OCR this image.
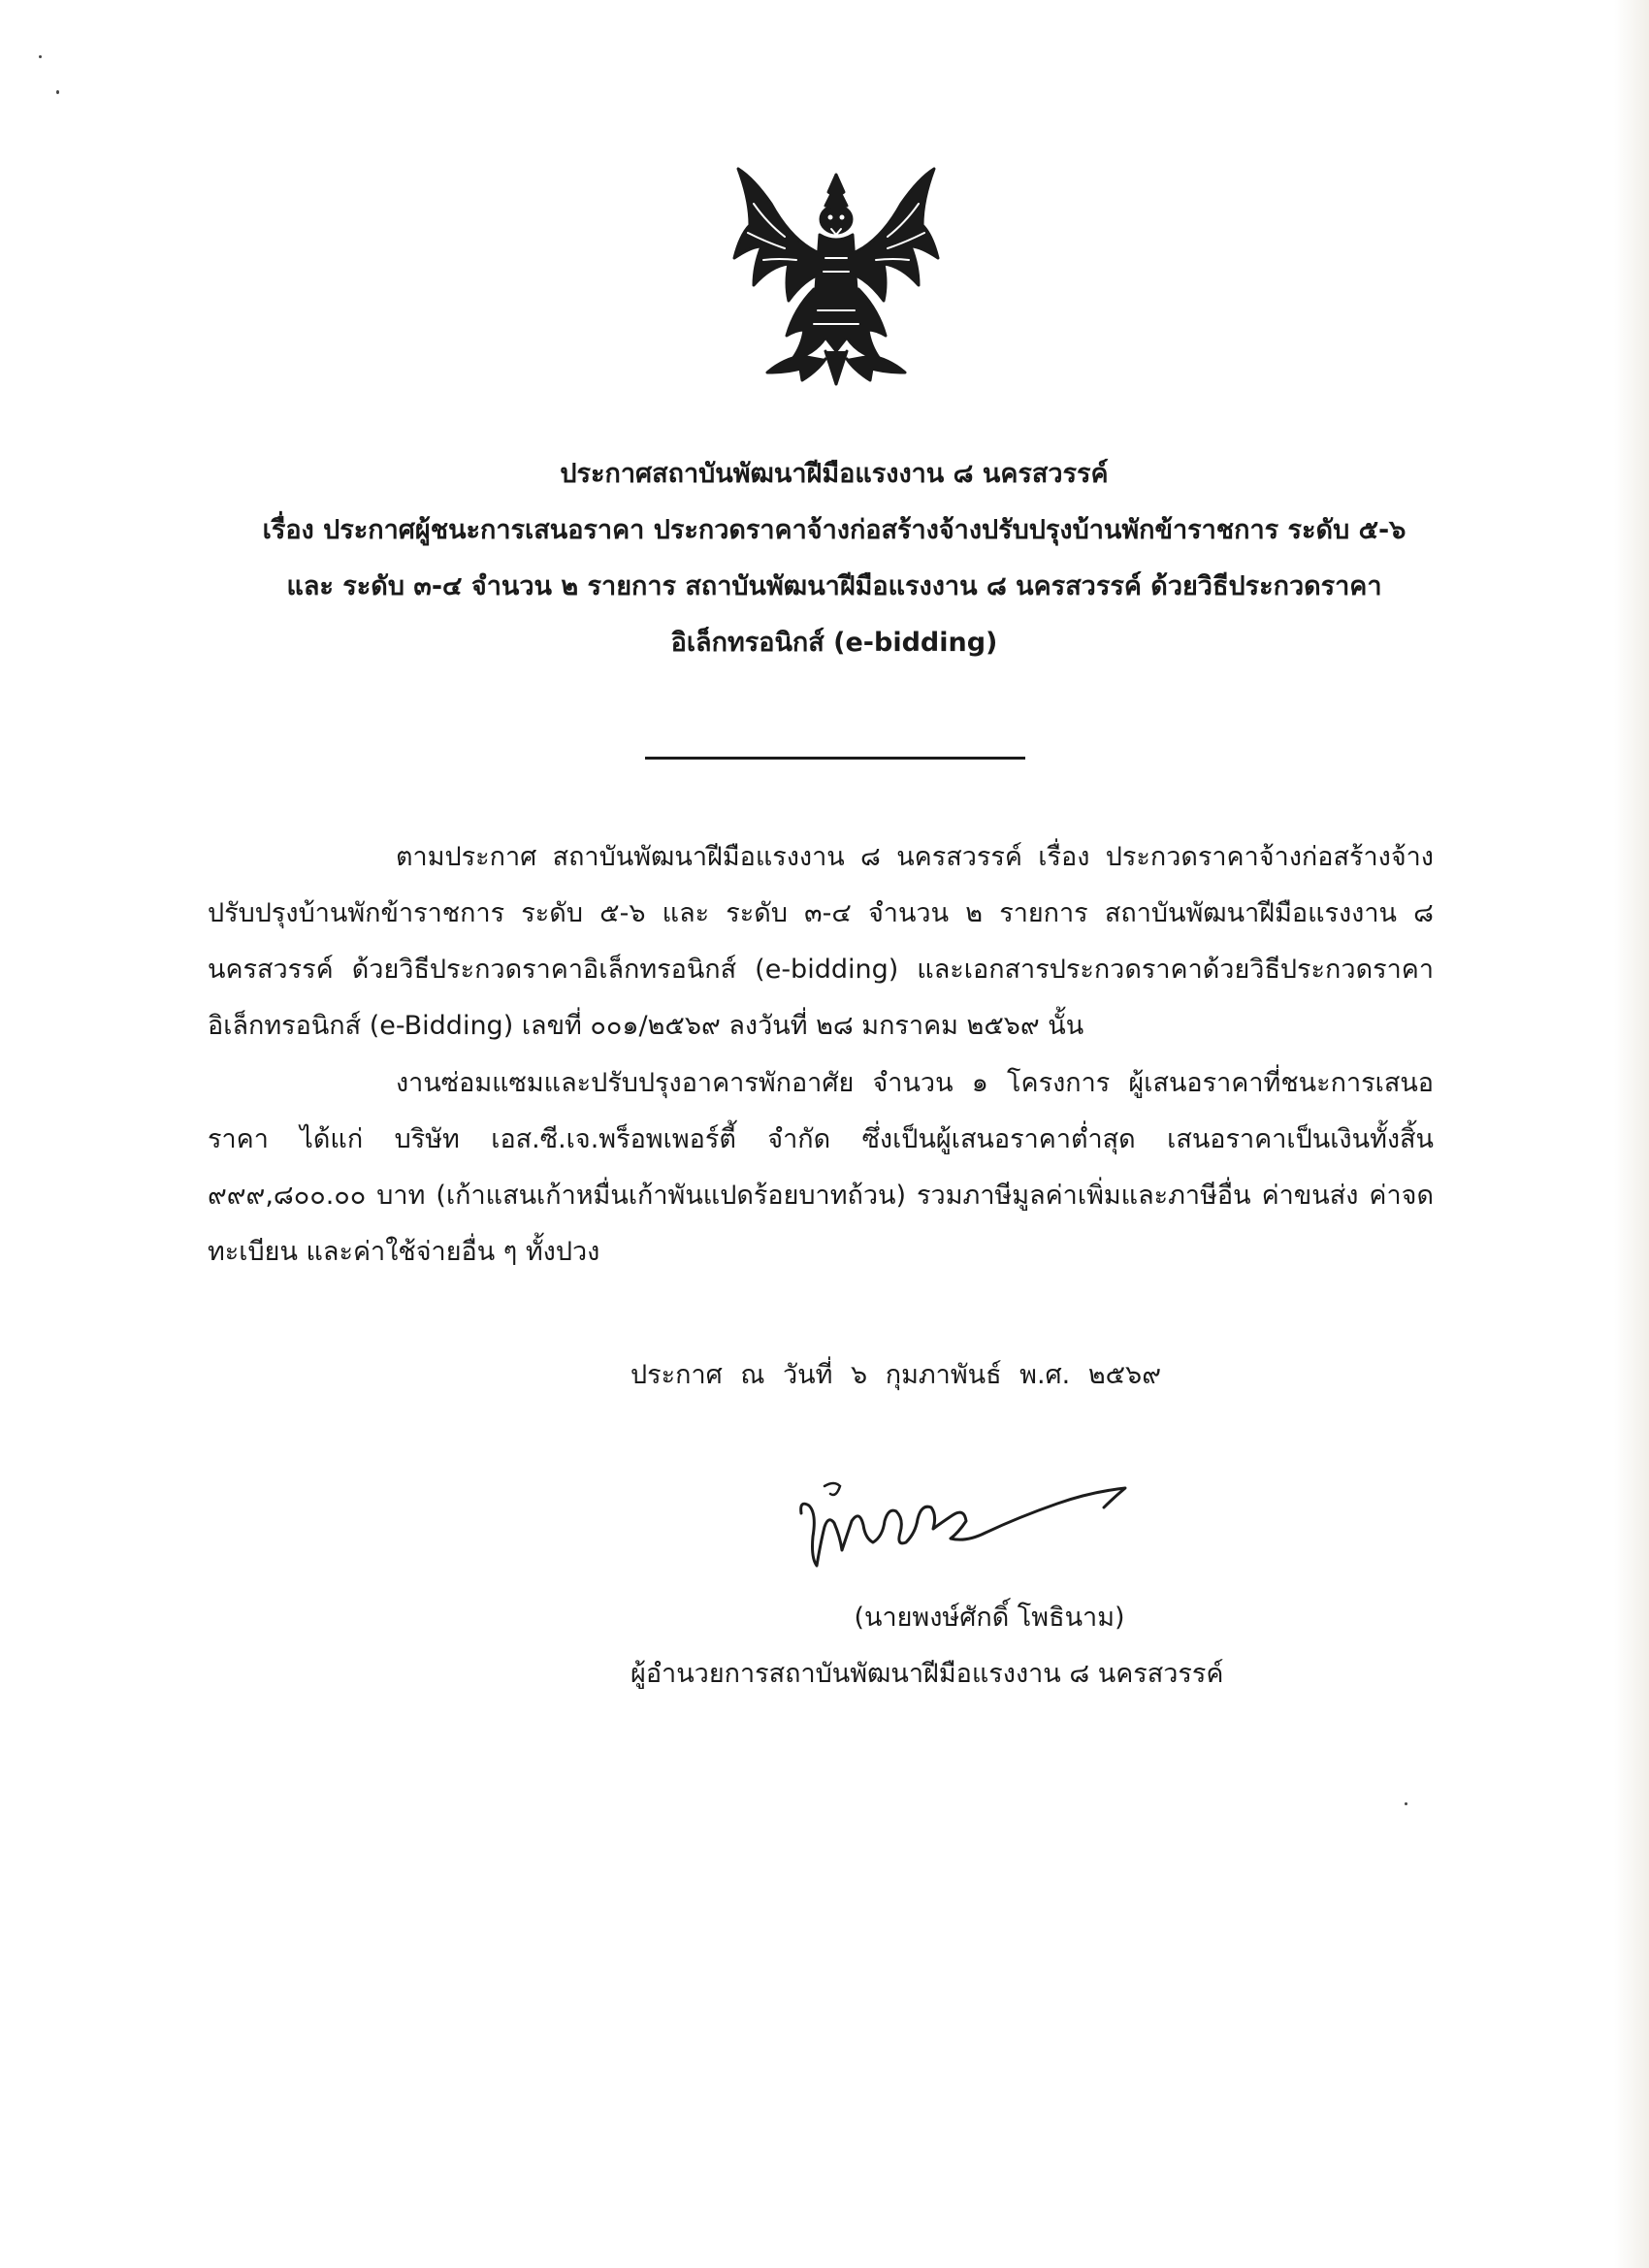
ประกาศสถาบันพัฒนาฝีมือแรงงาน ๘ นครสวรรค์
เรื่อง ประกาศผู้ชนะการเสนอราคา ประกวดราคาจ้างก่อสร้างจ้างปรับปรุงบ้านพักข้าราชการ ระดับ ๕-๖
และ ระดับ ๓-๔ จำนวน ๒ รายการ สถาบันพัฒนาฝีมือแรงงาน ๘ นครสวรรค์ ด้วยวิธีประกวดราคา
อิเล็กทรอนิกส์ (e-bidding)

ตามประกาศ สถาบันพัฒนาฝีมือแรงงาน ๘ นครสวรรค์ เรื่อง ประกวดราคาจ้างก่อสร้างจ้างปรับปรุงบ้านพักข้าราชการ ระดับ ๕-๖ และ ระดับ ๓-๔ จำนวน ๒ รายการ สถาบันพัฒนาฝีมือแรงงาน ๘ นครสวรรค์ ด้วยวิธีประกวดราคาอิเล็กทรอนิกส์ (e-bidding) และเอกสารประกวดราคาด้วยวิธีประกวดราคาอิเล็กทรอนิกส์ (e-Bidding) เลขที่ ๐๐๑/๒๕๖๙ ลงวันที่ ๒๘ มกราคม ๒๕๖๙ นั้น

งานซ่อมแซมและปรับปรุงอาคารพักอาศัย จำนวน ๑ โครงการ ผู้เสนอราคาที่ชนะการเสนอราคา ได้แก่ บริษัท เอส.ซี.เจ.พร็อพเพอร์ตี้ จำกัด ซึ่งเป็นผู้เสนอราคาต่ำสุด เสนอราคาเป็นเงินทั้งสิ้น ๙๙๙,๘๐๐.๐๐ บาท (เก้าแสนเก้าหมื่นเก้าพันแปดร้อยบาทถ้วน) รวมภาษีมูลค่าเพิ่มและภาษีอื่น ค่าขนส่ง ค่าจดทะเบียน และค่าใช้จ่ายอื่น ๆ ทั้งปวง

ประกาศ ณ วันที่ ๖ กุมภาพันธ์ พ.ศ. ๒๕๖๙
(นายพงษ์ศักดิ์ โพธินาม)
ผู้อำนวยการสถาบันพัฒนาฝีมือแรงงาน ๘ นครสวรรค์
